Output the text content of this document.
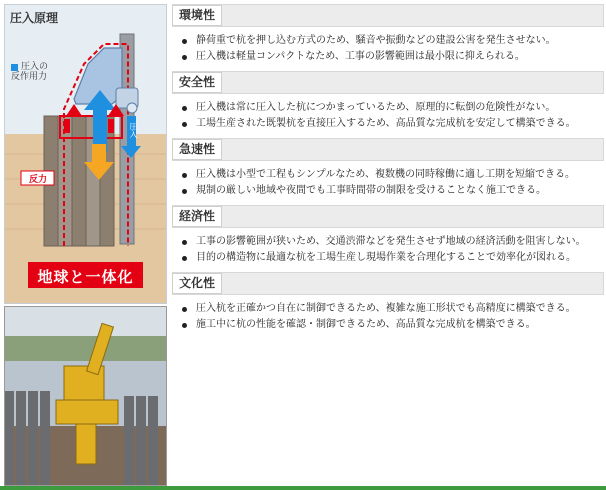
圧入原理
圧入の
反作用力
反力
圧入
地球と一体化
環境性
静荷重で杭を押し込む方式のため、騒音や振動などの建設公害を発生させない。
圧入機は軽量コンパクトなため、工事の影響範囲は最小限に抑えられる。
安全性
圧入機は常に圧入した杭につかまっているため、原理的に転倒の危険性がない。
工場生産された既製杭を直接圧入するため、高品質な完成杭を安定して構築できる。
急速性
圧入機は小型で工程もシンプルなため、複数機の同時稼働に適し工期を短縮できる。
規制の厳しい地域や夜間でも工事時間帯の制限を受けることなく施工できる。
経済性
工事の影響範囲が狭いため、交通渋滞などを発生させず地域の経済活動を阻害しない。
目的の構造物に最適な杭を工場生産し現場作業を合理化することで効率化が図れる。
文化性
圧入杭を正確かつ自在に制御できるため、複雑な施工形状でも高精度に構築できる。
施工中に杭の性能を確認・制御できるため、高品質な完成杭を構築できる。
